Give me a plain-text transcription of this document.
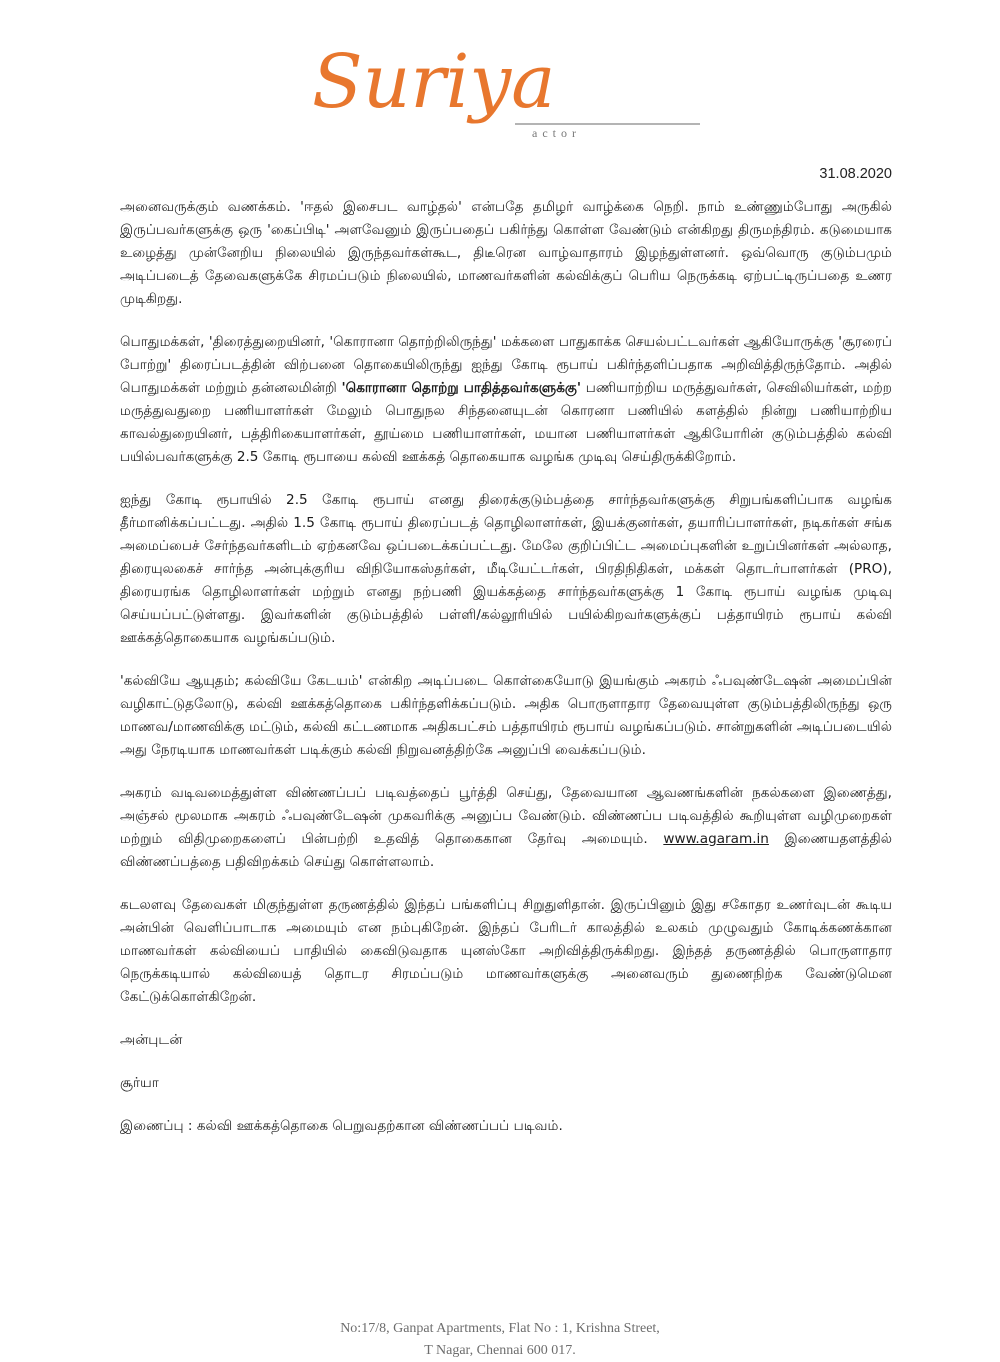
Suriya
actor
31.08.2020

அனைவருக்கும் வணக்கம். 'ஈதல் இசைபட வாழ்தல்' என்பதே தமிழர் வாழ்க்கை நெறி. நாம் உண்ணும்போது அருகில் இருப்பவர்களுக்கு ஒரு 'கைப்பிடி' அளவேனும் இருப்பதைப் பகிர்ந்து கொள்ள வேண்டும் என்கிறது திருமந்திரம். கடுமையாக உழைத்து முன்னேறிய நிலையில் இருந்தவர்கள்கூட, திடீரென வாழ்வாதாரம் இழந்துள்ளனர். ஒவ்வொரு குடும்பமும் அடிப்படைத் தேவைகளுக்கே சிரமப்படும் நிலையில், மாணவர்களின் கல்விக்குப் பெரிய நெருக்கடி ஏற்பட்டிருப்பதை உணர முடிகிறது.

பொதுமக்கள், 'திரைத்துறையினர், 'கொரானா தொற்றிலிருந்து' மக்களை பாதுகாக்க செயல்பட்டவர்கள் ஆகியோருக்கு 'சூரரைப் போற்று' திரைப்படத்தின் விற்பனை தொகையிலிருந்து ஐந்து கோடி ரூபாய் பகிர்ந்தளிப்பதாக அறிவித்திருந்தோம். அதில் பொதுமக்கள் மற்றும் தன்னலமின்றி 'கொரானா தொற்று பாதித்தவர்களுக்கு' பணியாற்றிய மருத்துவர்கள், செவிலியர்கள், மற்ற மருத்துவதுறை பணியாளர்கள் மேலும் பொதுநல சிந்தனையுடன் கொரனா பணியில் களத்தில் நின்று பணியாற்றிய காவல்துறையினர், பத்திரிகையாளர்கள், தூய்மை பணியாளர்கள், மயான பணியாளர்கள் ஆகியோரின் குடும்பத்தில் கல்வி பயில்பவர்களுக்கு 2.5 கோடி ரூபாயை கல்வி ஊக்கத் தொகையாக வழங்க முடிவு செய்திருக்கிறோம்.

ஐந்து கோடி ரூபாயில் 2.5 கோடி ரூபாய் எனது திரைக்குடும்பத்தை சார்ந்தவர்களுக்கு சிறுபங்களிப்பாக வழங்க தீர்மானிக்கப்பட்டது. அதில் 1.5 கோடி ரூபாய் திரைப்படத் தொழிலாளர்கள், இயக்குனர்கள், தயாரிப்பாளர்கள், நடிகர்கள் சங்க அமைப்பைச் சேர்ந்தவர்களிடம் ஏற்கனவே ஒப்படைக்கப்பட்டது. மேலே குறிப்பிட்ட அமைப்புகளின் உறுப்பினர்கள் அல்லாத, திரையுலகைச் சார்ந்த அன்புக்குரிய விநியோகஸ்தர்கள், மீடியேட்டர்கள், பிரதிநிதிகள், மக்கள் தொடர்பாளர்கள் (PRO), திரையரங்க தொழிலாளர்கள் மற்றும் எனது நற்பணி இயக்கத்தை சார்ந்தவர்களுக்கு 1 கோடி ரூபாய் வழங்க முடிவு செய்யப்பட்டுள்ளது. இவர்களின் குடும்பத்தில் பள்ளி/கல்லூரியில் பயில்கிறவர்களுக்குப் பத்தாயிரம் ரூபாய் கல்வி ஊக்கத்தொகையாக வழங்கப்படும்.

'கல்வியே ஆயுதம்; கல்வியே கேடயம்' என்கிற அடிப்படை கொள்கையோடு இயங்கும் அகரம் ஃபவுண்டேஷன் அமைப்பின் வழிகாட்டுதலோடு, கல்வி ஊக்கத்தொகை பகிர்ந்தளிக்கப்படும். அதிக பொருளாதார தேவையுள்ள குடும்பத்திலிருந்து ஒரு மாணவ/மாணவிக்கு மட்டும், கல்வி கட்டணமாக அதிகபட்சம் பத்தாயிரம் ரூபாய் வழங்கப்படும். சான்றுகளின் அடிப்படையில் அது நேரடியாக மாணவர்கள் படிக்கும் கல்வி நிறுவனத்திற்கே அனுப்பி வைக்கப்படும்.

அகரம் வடிவமைத்துள்ள விண்ணப்பப் படிவத்தைப் பூர்த்தி செய்து, தேவையான ஆவணங்களின் நகல்களை இணைத்து, அஞ்சல் மூலமாக அகரம் ஃபவுண்டேஷன் முகவரிக்கு அனுப்ப வேண்டும். விண்ணப்ப படிவத்தில் கூறியுள்ள வழிமுறைகள் மற்றும் விதிமுறைகளைப் பின்பற்றி உதவித் தொகைகான தேர்வு அமையும். www.agaram.in இணையதளத்தில் விண்ணப்பத்தை பதிவிறக்கம் செய்து கொள்ளலாம்.

கடலளவு தேவைகள் மிகுந்துள்ள தருணத்தில் இந்தப் பங்களிப்பு சிறுதுளிதான். இருப்பினும் இது சகோதர உணர்வுடன் கூடிய அன்பின் வெளிப்பாடாக அமையும் என நம்புகிறேன். இந்தப் பேரிடர் காலத்தில் உலகம் முழுவதும் கோடிக்கணக்கான மாணவர்கள் கல்வியைப் பாதியில் கைவிடுவதாக யுனஸ்கோ அறிவித்திருக்கிறது. இந்தத் தருணத்தில் பொருளாதார நெருக்கடியால் கல்வியைத் தொடர சிரமப்படும் மாணவர்களுக்கு அனைவரும் துணைநிற்க வேண்டுமென கேட்டுக்கொள்கிறேன்.

அன்புடன்

சூர்யா

இணைப்பு : கல்வி ஊக்கத்தொகை பெறுவதற்கான விண்ணப்பப் படிவம்.

No:17/8, Ganpat Apartments, Flat No : 1, Krishna Street,
T Nagar, Chennai 600 017.
